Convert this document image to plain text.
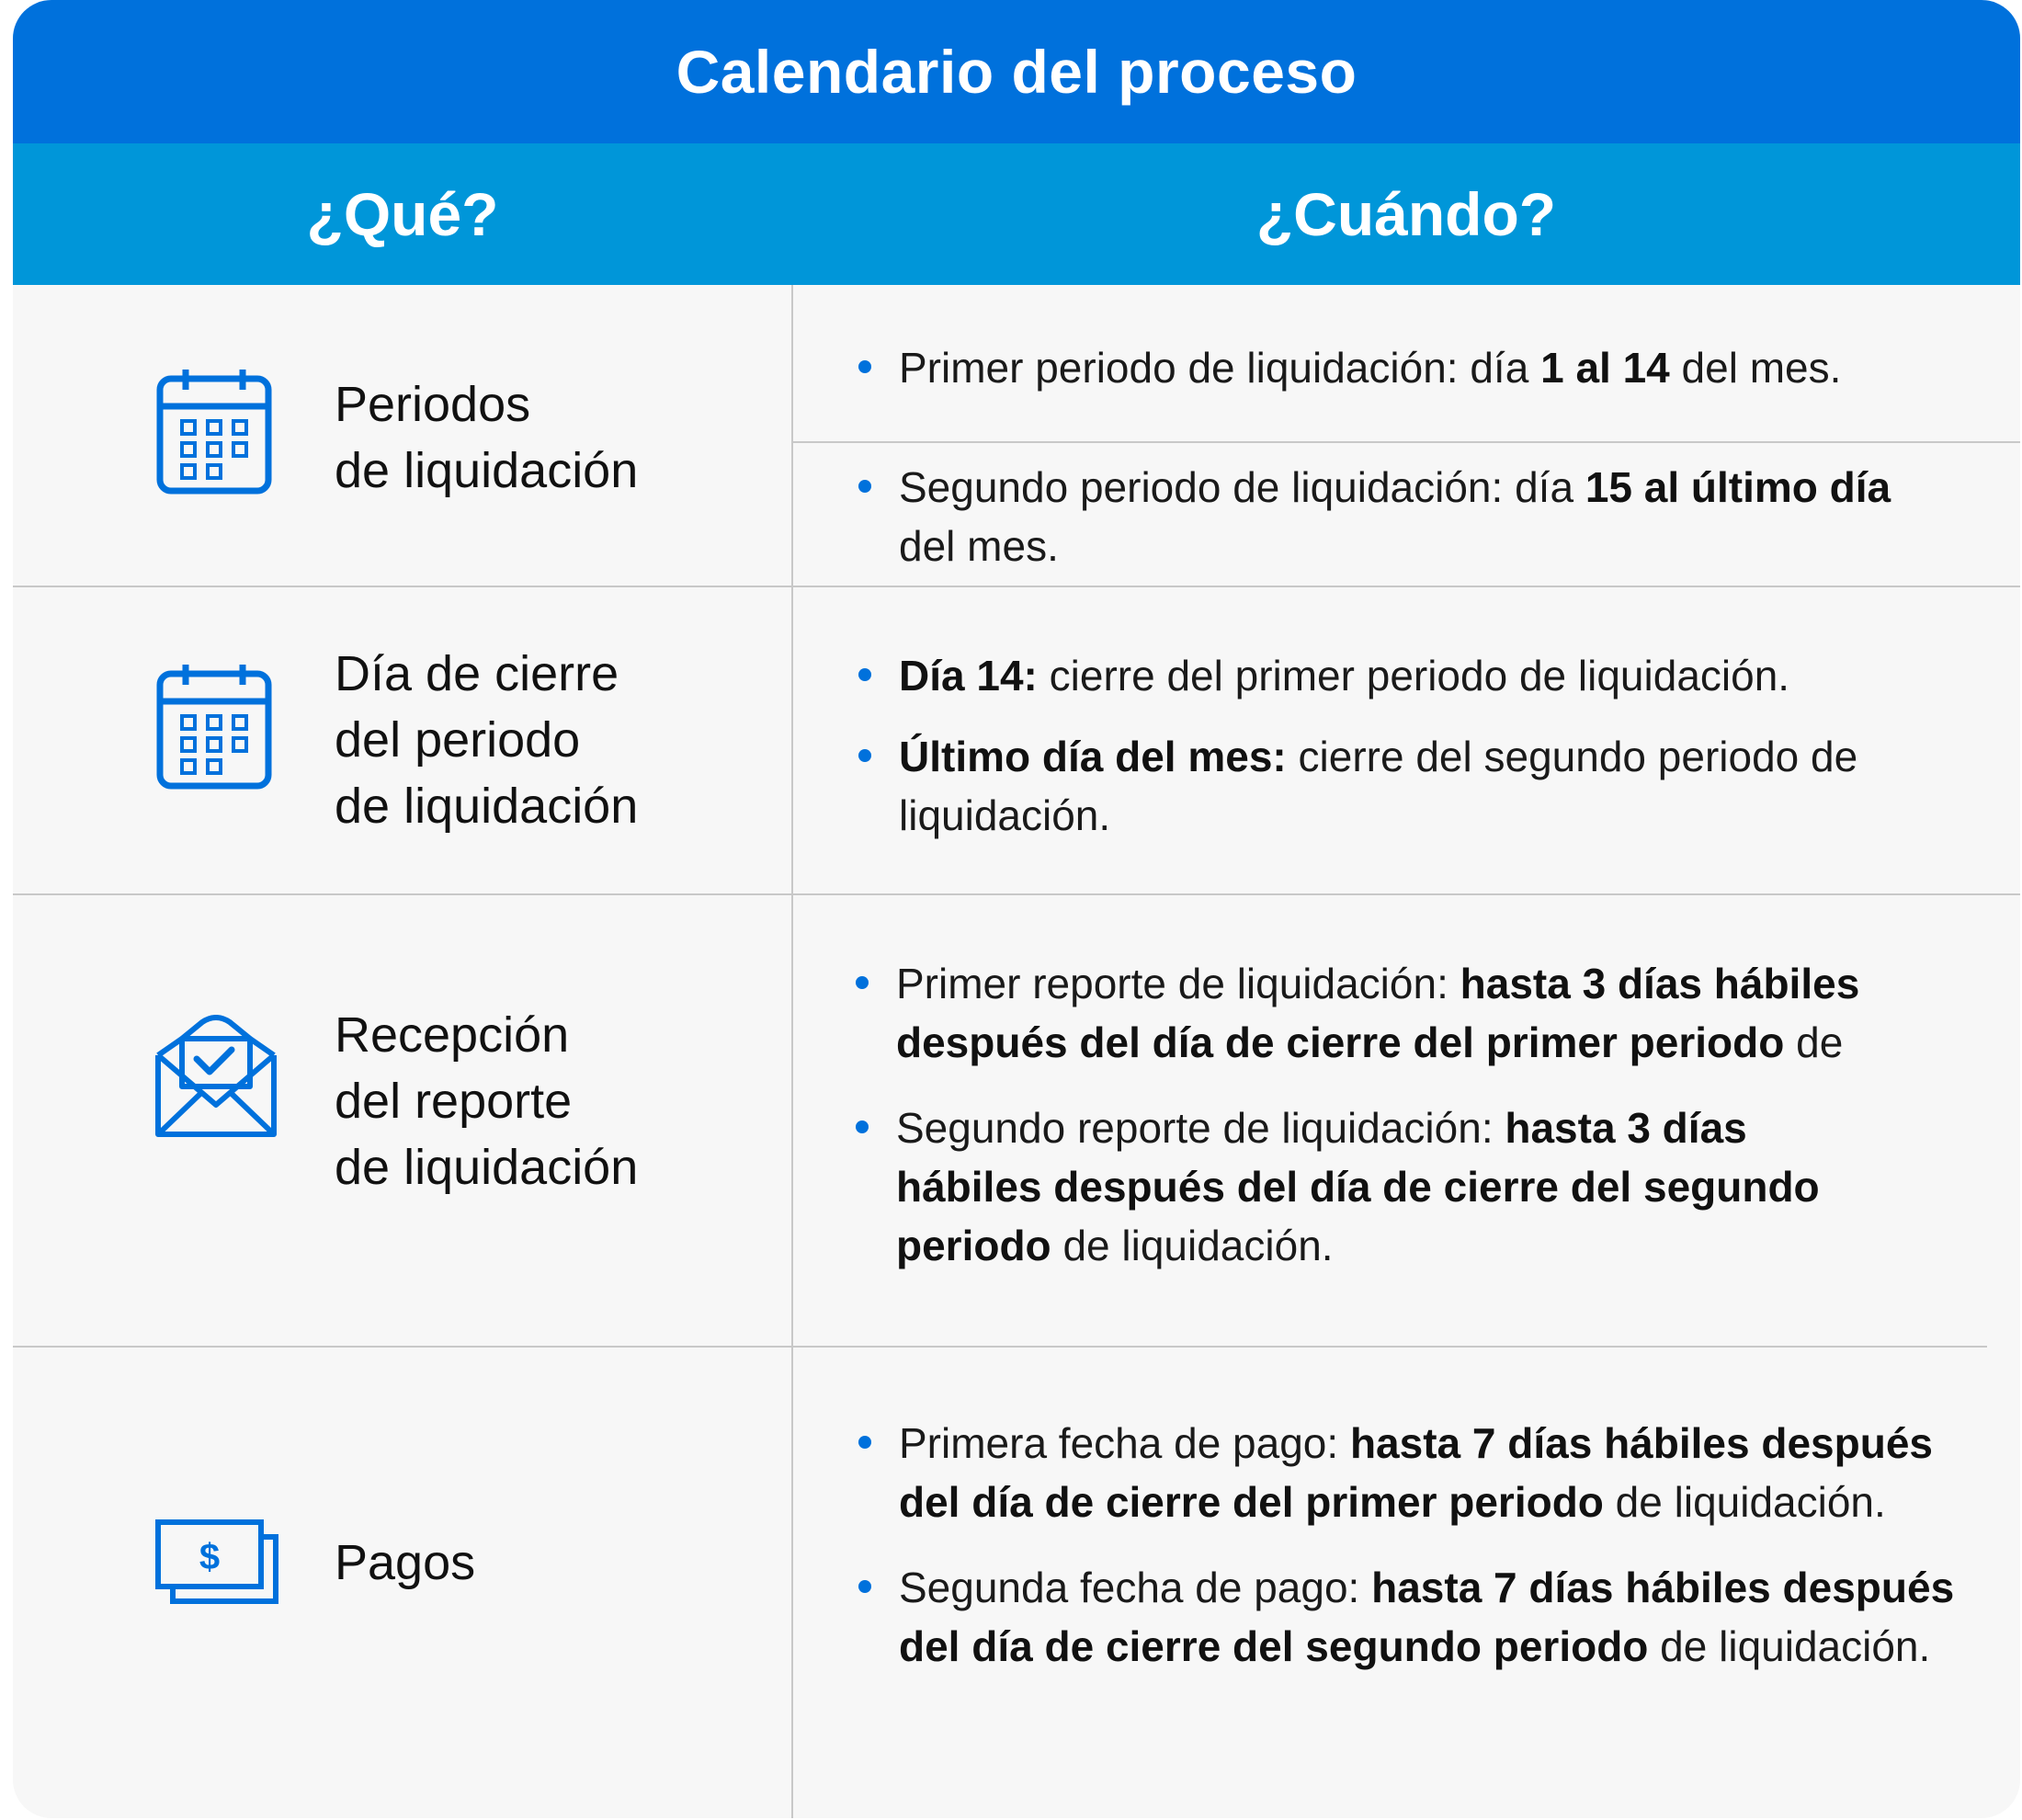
Calendario del proceso
¿Qué?	¿Cuándo?
Periodos
de liquidación
Primer periodo de liquidación: día 1 al 14 del mes.
Segundo periodo de liquidación: día 15 al último día del mes.
Día de cierre
del periodo
de liquidación
Día 14: cierre del primer periodo de liquidación.
Último día del mes: cierre del segundo periodo de liquidación.
Recepción
del reporte
de liquidación
Primer reporte de liquidación: hasta 3 días hábiles después del día de cierre del primer periodo de
Segundo reporte de liquidación: hasta 3 días hábiles después del día de cierre del segundo periodo de liquidación.
$ Pagos
Primera fecha de pago: hasta 7 días hábiles después del día de cierre del primer periodo de liquidación.
Segunda fecha de pago: hasta 7 días hábiles después del día de cierre del segundo periodo de liquidación.
